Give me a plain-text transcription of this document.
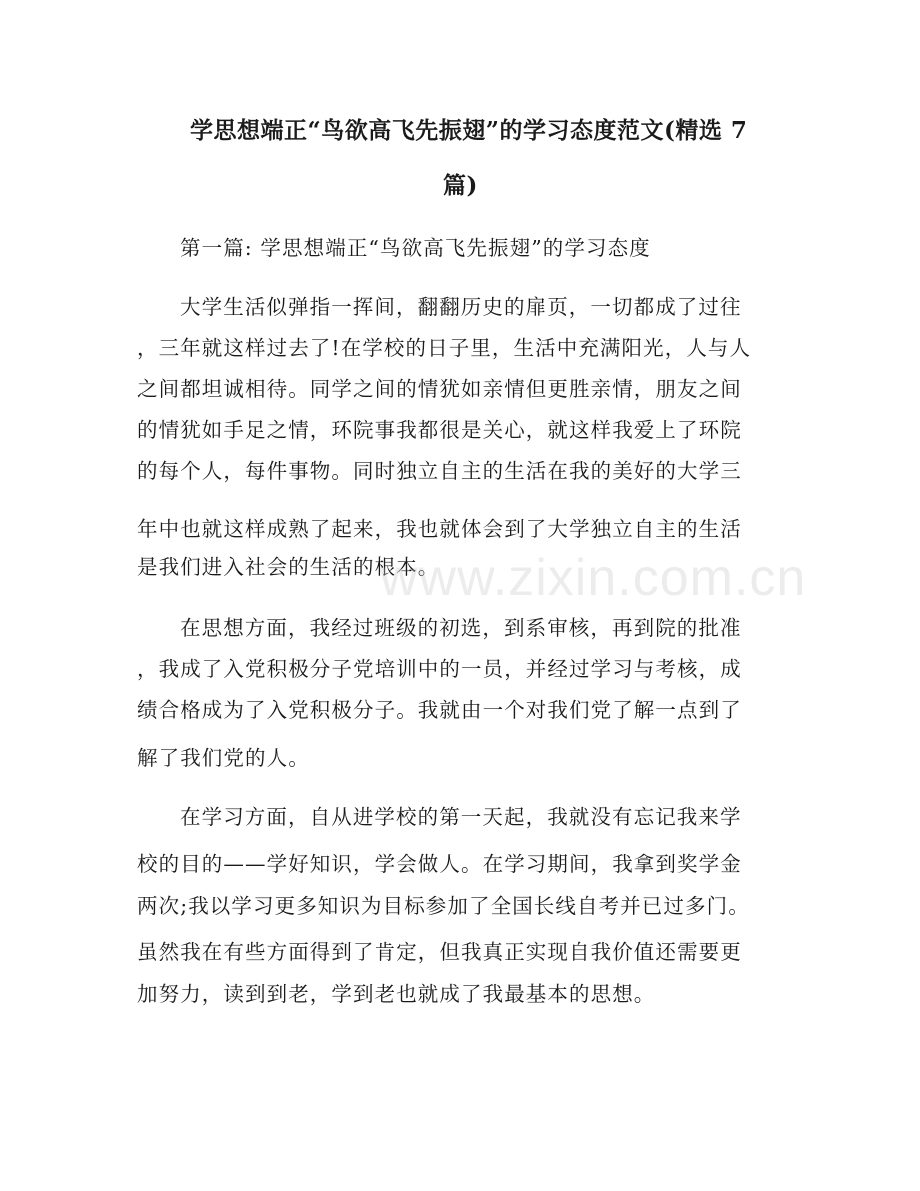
学思想端正“鸟欲高飞先振翅”的学习态度范文(精选 7
篇)
第一篇: 学思想端正“鸟欲高飞先振翅”的学习态度
大学生活似弹指一挥间，翻翻历史的扉页，一切都成了过往
，三年就这样过去了!在学校的日子里，生活中充满阳光，人与人
之间都坦诚相待。同学之间的情犹如亲情但更胜亲情，朋友之间
的情犹如手足之情，环院事我都很是关心，就这样我爱上了环院
的每个人，每件事物。同时独立自主的生活在我的美好的大学三
年中也就这样成熟了起来，我也就体会到了大学独立自主的生活
是我们进入社会的生活的根本。
在思想方面，我经过班级的初选，到系审核，再到院的批准
，我成了入党积极分子党培训中的一员，并经过学习与考核，成
绩合格成为了入党积极分子。我就由一个对我们党了解一点到了
解了我们党的人。
在学习方面，自从进学校的第一天起，我就没有忘记我来学
校的目的——学好知识，学会做人。在学习期间，我拿到奖学金
两次;我以学习更多知识为目标参加了全国长线自考并已过多门。
虽然我在有些方面得到了肯定，但我真正实现自我价值还需要更
加努力，读到到老，学到老也就成了我最基本的思想。
www.zixin.com.cn
